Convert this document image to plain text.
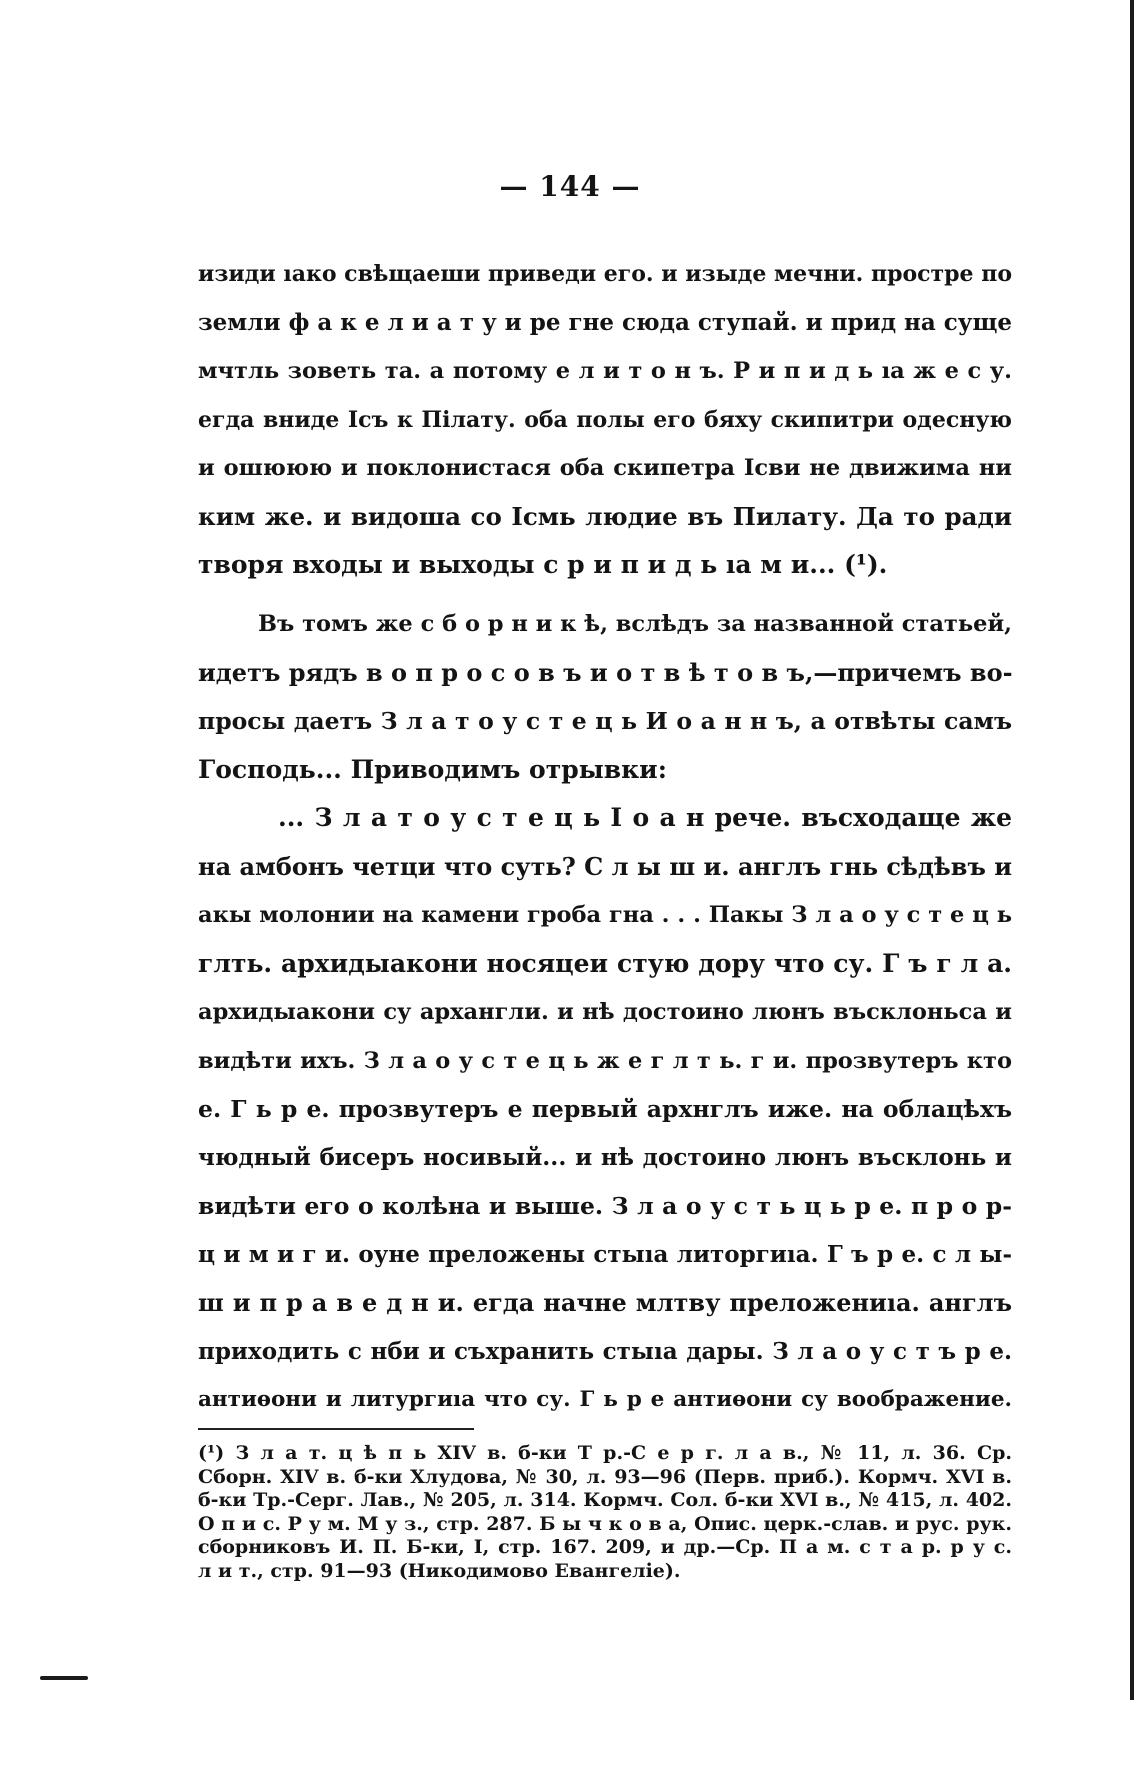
— 144 —
изиди ıако свѣщаеши приведи его. и изыде мечни. простре по
земли ф а к е л и а т у и ре гне сюда ступай. и прид на суще
мчтль зоветь та. а потому е л и т о н ъ. Р и п и д ь ıа ж е с у.
егда вниде Ісъ к Пілату. оба полы его бяху скипитри одесную
и ошююю и поклонистася оба скипетра Ісви не движима ни
ким же. и видоша со Ісмь людие въ Пилату. Да то ради
творя входы и выходы с р и п и д ь ıа м и... (¹).
Въ томъ же с б о р н и к ѣ, вслѣдъ за названной статьей,
идетъ рядъ в о п р о с о в ъ и о т в ѣ т о в ъ,—причемъ во-
просы даетъ З л а т о у с т е ц ь И о а н н ъ, а отвѣты самъ
Господь... Приводимъ отрывки:
... З л а т о у с т е ц ь І о а н рече. въсходаще же
на амбонъ четци что суть? С л ы ш и. англъ гнь сѣдѣвъ и
акы молонии на камени гроба гна . . . Пакы З л а о у с т е ц ь
глть. архидыакони носяцеи стую дору что су. Г ъ г л а.
архидыакони су архангли. и нѣ достоино люнъ въсклоньса и
видѣти ихъ. З л а о у с т е ц ь ж е г л т ь. г и. прозвутеръ кто
е. Г ь р е. прозвутеръ е первый архнглъ иже. на облацѣхъ
чюдный бисеръ носивый... и нѣ достоино люнъ въсклонь и
видѣти его о колѣна и выше. З л а о у с т ь ц ь р е. п р о р-
ц и м и г и. оуне преложены стыıа литоргиıа. Г ъ р е. с л ы-
ш и п р а в е д н и. егда начне млтву преложениıа. англъ
приходить с нби и съхранить стыıа дары. З л а о у с т ъ р е.
антиѳони и литургиıа что су. Г ь р е антиѳони су воображение.
(¹) З л а т. ц ѣ п ь XIV в. б-ки Т р.-С е р г. л а в., № 11, л. 36. Ср.
Сборн. XIV в. б-ки Хлудова, № 30, л. 93—96 (Перв. приб.). Кормч. XVI в.
б-ки Тр.-Серг. Лав., № 205, л. 314. Кормч. Сол. б-ки XVI в., № 415, л. 402.
О п и с. Р у м. М у з., стр. 287. Б ы ч к о в а, Опис. церк.-слав. и рус. рук.
сборниковъ И. П. Б-ки, I, стр. 167. 209, и др.—Ср. П а м. с т а р. р у с.
л и т., стр. 91—93 (Никодимово Евангеліе).
